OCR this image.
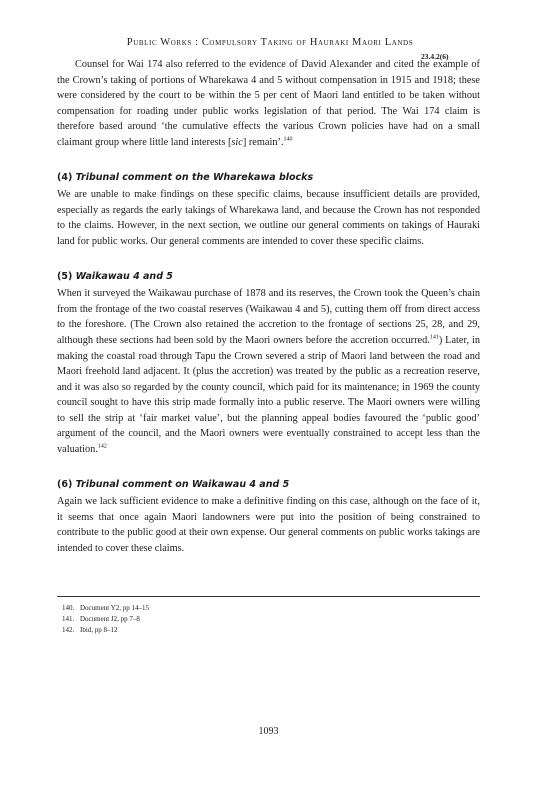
Public Works : Compulsory Taking of Hauraki Maori Lands
23.4.2(6)

Counsel for Wai 174 also referred to the evidence of David Alexander and cited the example of the Crown’s taking of portions of Wharekawa 4 and 5 without compensation in 1915 and 1918; these were considered by the court to be within the 5 per cent of Maori land entitled to be taken without compensation for roading under public works legislation of that period. The Wai 174 claim is therefore based around ‘the cumulative effects the various Crown policies have had on a small claimant group where little land interests [sic] remain’.$^{140}$

(4) Tribunal comment on the Wharekawa blocks

We are unable to make findings on these specific claims, because insufficient details are provided, especially as regards the early takings of Wharekawa land, and because the Crown has not responded to the claims. However, in the next section, we outline our general comments on takings of Hauraki land for public works. Our general comments are intended to cover these specific claims.

(5) Waikawau 4 and 5

When it surveyed the Waikawau purchase of 1878 and its reserves, the Crown took the Queen’s chain from the frontage of the two coastal reserves (Waikawau 4 and 5), cutting them off from direct access to the foreshore. (The Crown also retained the accretion to the frontage of sections 25, 28, and 29, although these sections had been sold by the Maori owners before the accretion occurred.$^{141}$) Later, in making the coastal road through Tapu the Crown severed a strip of Maori land between the road and Maori freehold land adjacent. It (plus the accretion) was treated by the public as a recreation reserve, and it was also so regarded by the county council, which paid for its maintenance; in 1969 the county council sought to have this strip made formally into a public reserve. The Maori owners were willing to sell the strip at ‘fair market value’, but the planning appeal bodies favoured the ‘public good’ argument of the council, and the Maori owners were eventually constrained to accept less than the valuation.$^{142}$

(6) Tribunal comment on Waikawau 4 and 5

Again we lack sufficient evidence to make a definitive finding on this case, although on the face of it, it seems that once again Maori landowners were put into the position of being constrained to contribute to the public good at their own expense. Our general comments on public works takings are intended to cover these claims.

140. Document Y2, pp 14–15
141. Document J2, pp 7–8
142. Ibid, pp 8–12
1093
